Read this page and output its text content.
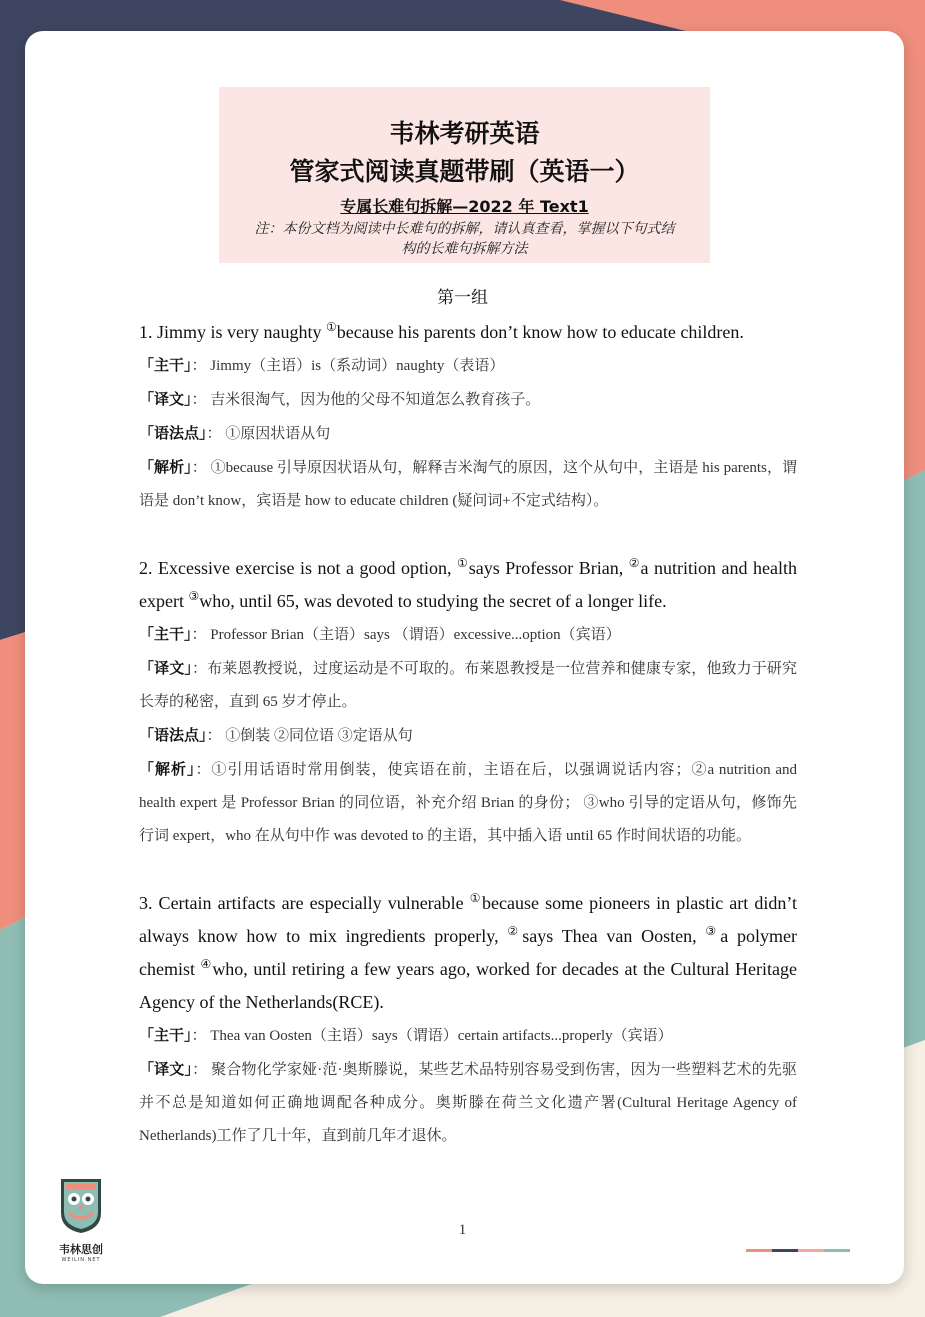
韦林考研英语
管家式阅读真题带刷（英语一）
专属长难句拆解—2022 年 Text1
注：本份文档为阅读中长难句的拆解，请认真查看，掌握以下句式结构的长难句拆解方法
第一组
1. Jimmy is very naughty ①because his parents don’t know how to educate children.
「主干」： Jimmy（主语）is（系动词）naughty（表语）
「译文」： 吉米很淘气，因为他的父母不知道怎么教育孩子。
「语法点」： ①原因状语从句
「解析」： ①because 引导原因状语从句，解释吉米淘气的原因，这个从句中，主语是 his parents，谓语是 don’t know，宾语是 how to educate children (疑问词+不定式结构）。
2. Excessive exercise is not a good option, ①says Professor Brian, ②a nutrition and health expert ③who, until 65, was devoted to studying the secret of a longer life.
「主干」： Professor Brian（主语）says （谓语）excessive...option（宾语）
「译文」：布莱恩教授说，过度运动是不可取的。布莱恩教授是一位营养和健康专家，他致力于研究长寿的秘密，直到 65 岁才停止。
「语法点」： ①倒装 ②同位语 ③定语从句
「解析」：①引用话语时常用倒装，使宾语在前，主语在后，以强调说话内容；②a nutrition and health expert 是 Professor Brian 的同位语，补充介绍 Brian 的身份； ③who 引导的定语从句，修饰先行词 expert，who 在从句中作 was devoted to 的主语，其中插入语 until 65 作时间状语的功能。
3. Certain artifacts are especially vulnerable ①because some pioneers in plastic art didn’t always know how to mix ingredients properly, ②says Thea van Oosten, ③a polymer chemist ④who, until retiring a few years ago, worked for decades at the Cultural Heritage Agency of the Netherlands(RCE).
「主干」： Thea van Oosten（主语）says（谓语）certain artifacts...properly（宾语）
「译文」： 聚合物化学家娅·范·奥斯滕说，某些艺术品特别容易受到伤害，因为一些塑料艺术的先驱并不总是知道如何正确地调配各种成分。奥斯滕在荷兰文化遗产署(Cultural Heritage Agency of Netherlands)工作了几十年，直到前几年才退休。
1
韦林思创
WEILIN.NET
